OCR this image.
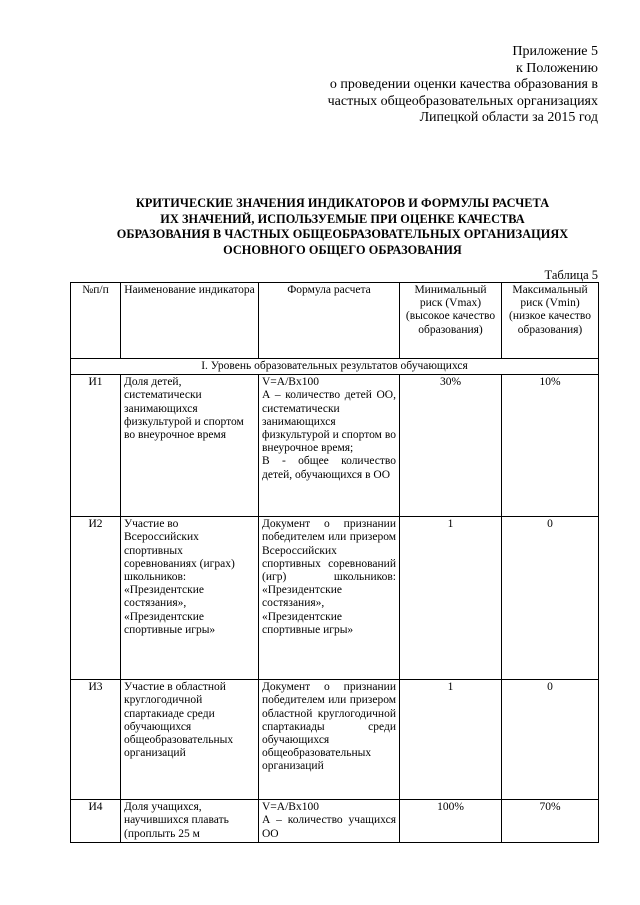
Приложение 5
к Положению
о проведении оценки качества образования в
частных общеобразовательных организациях
Липецкой области за 2015 год
КРИТИЧЕСКИЕ ЗНАЧЕНИЯ ИНДИКАТОРОВ И ФОРМУЛЫ РАСЧЕТА
ИХ ЗНАЧЕНИЙ, ИСПОЛЬЗУЕМЫЕ ПРИ ОЦЕНКЕ КАЧЕСТВА
ОБРАЗОВАНИЯ В ЧАСТНЫХ ОБЩЕОБРАЗОВАТЕЛЬНЫХ ОРГАНИЗАЦИЯХ
ОСНОВНОГО ОБЩЕГО ОБРАЗОВАНИЯ
Таблица 5
№п/п	Наименование индикатора	Формула расчета	Минимальный риск (Vmax) (высокое качество образования)	Максимальный риск (Vmin) (низкое качество образования)
I. Уровень образовательных результатов обучающихся				
И1	Доля детей, систематически занимающихся физкультурой и спортом во внеурочное время	V=A/Bх100
А – количество детей ОО, систематически занимающихся физкультурой и спортом во внеурочное время;
В - общее количество детей, обучающихся в ОО	30%	10%
И2	Участие во Всероссийских спортивных соревнованиях (играх) школьников: «Президентские состязания», «Президентские спортивные игры»	Документ о признании победителем или призером Всероссийских спортивных соревнований (игр) школьников: «Президентские состязания», «Президентские спортивные игры»	1	0
И3	Участие в областной круглогодичной спартакиаде среди обучающихся общеобразовательных организаций	Документ о признании победителем или призером областной круглогодичной спартакиады среди обучающихся общеобразовательных организаций	1	0
И4	Доля учащихся, научившихся плавать (проплыть 25 м	V=A/Bх100
А – количество учащихся ОО	100%	70%
